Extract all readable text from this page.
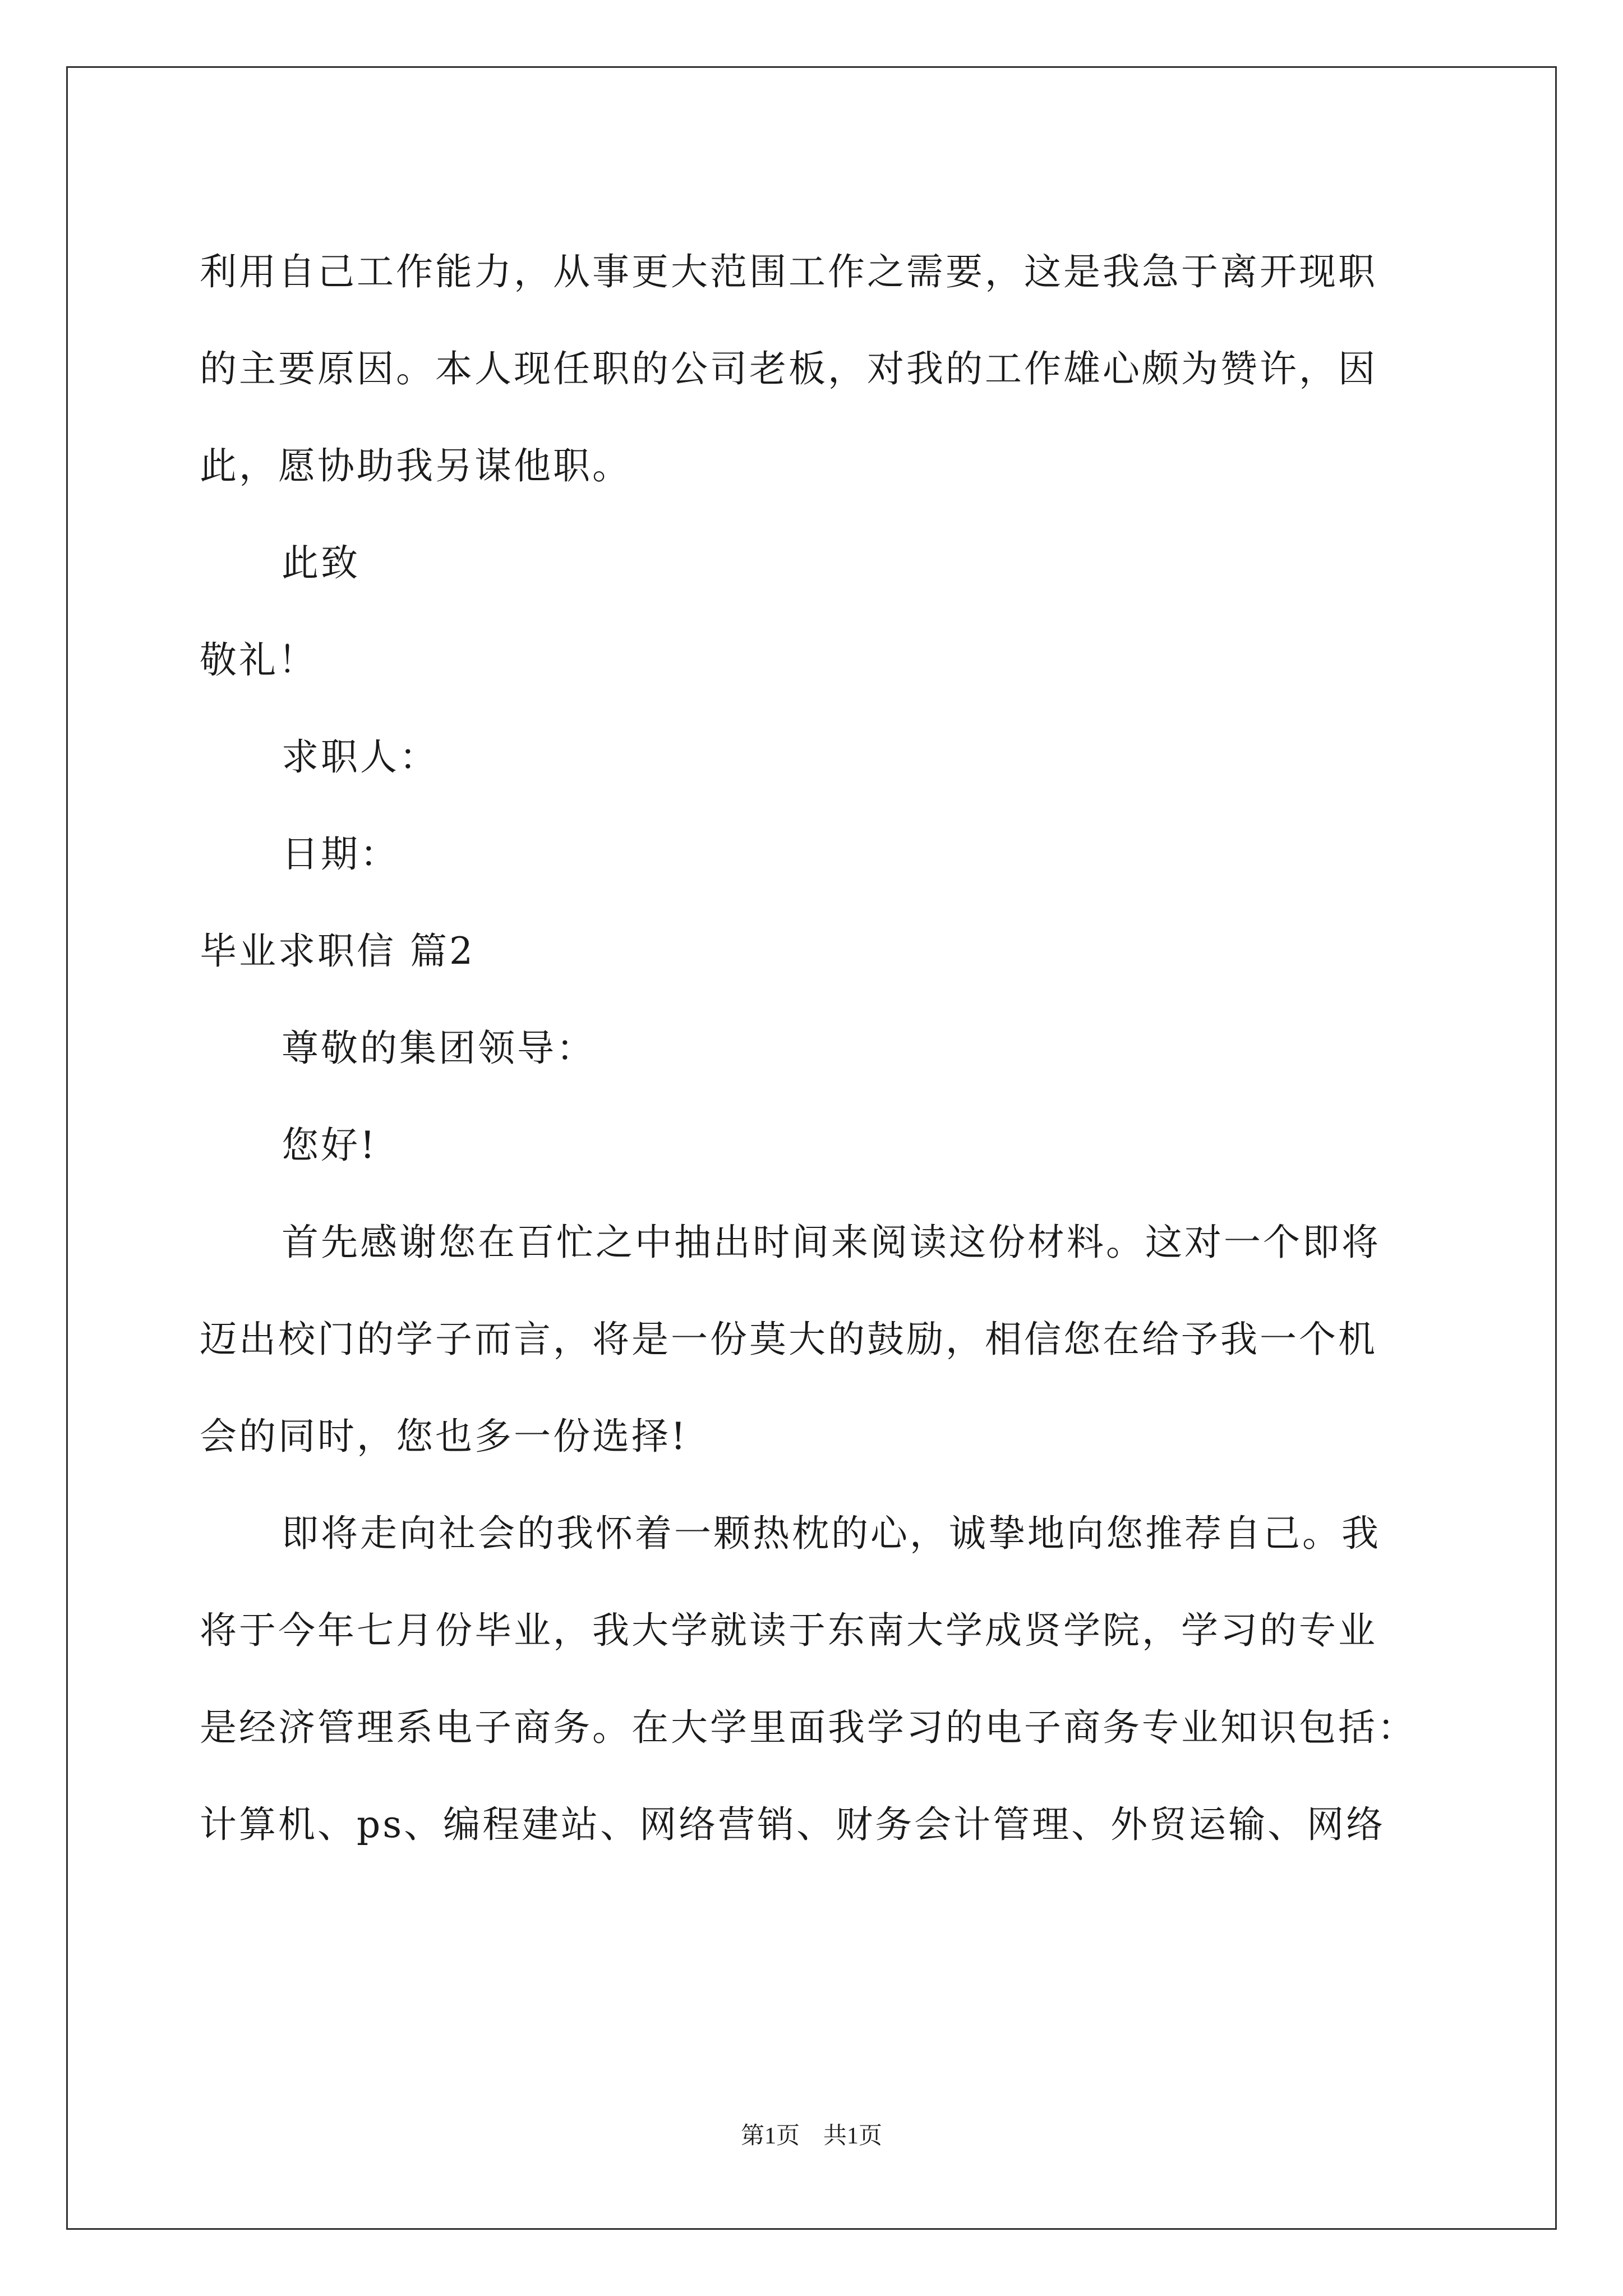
利用自己工作能力，从事更大范围工作之需要，这是我急于离开现职
的主要原因。本人现任职的公司老板，对我的工作雄心颇为赞许，因
此，愿协助我另谋他职。
此致
敬礼！
求职人：
日期：
毕业求职信 篇2
尊敬的集团领导：
您好!
首先感谢您在百忙之中抽出时间来阅读这份材料。这对一个即将
迈出校门的学子而言，将是一份莫大的鼓励，相信您在给予我一个机
会的同时，您也多一份选择!
即将走向社会的我怀着一颗热枕的心，诚挚地向您推荐自己。我
将于今年七月份毕业，我大学就读于东南大学成贤学院，学习的专业
是经济管理系电子商务。在大学里面我学习的电子商务专业知识包括：
计算机、ps、编程建站、网络营销、财务会计管理、外贸运输、网络
第1页　共1页
